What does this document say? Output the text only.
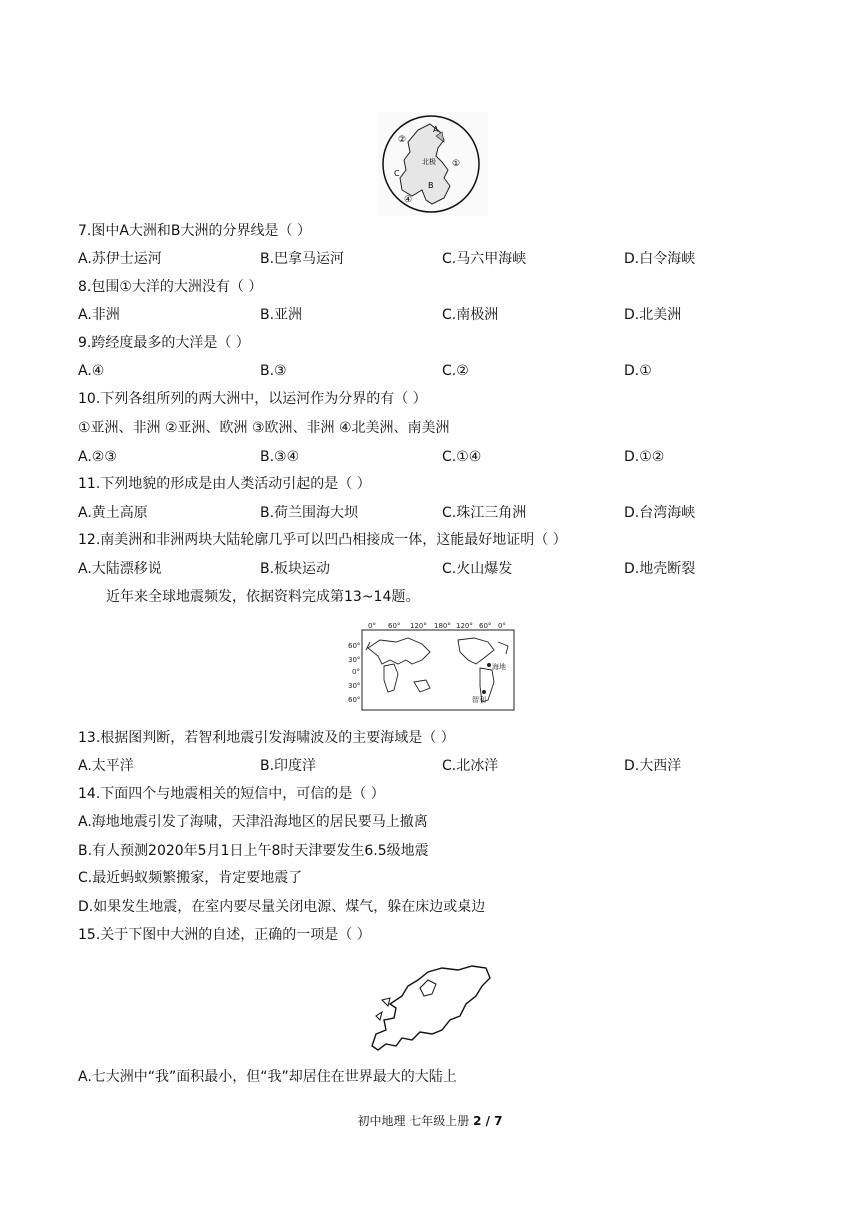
A
B
C
②
①
④
北极
7.图中A大洲和B大洲的分界线是（ ）
A.苏伊士运河	B.巴拿马运河	C.马六甲海峡	D.白令海峡
8.包围①大洋的大洲没有（ ）
A.非洲	B.亚洲	C.南极洲	D.北美洲
9.跨经度最多的大洋是（ ）
A.④	B.③	C.②	D.①
10.下列各组所列的两大洲中，以运河作为分界的有（ ）
①亚洲、非洲 ②亚洲、欧洲 ③欧洲、非洲 ④北美洲、南美洲
A.②③	B.③④	C.①④	D.①②
11.下列地貌的形成是由人类活动引起的是（ ）
A.黄土高原	B.荷兰围海大坝	C.珠江三角洲	D.台湾海峡
12.南美洲和非洲两块大陆轮廓几乎可以凹凸相接成一体，这能最好地证明（ ）
A.大陆漂移说	B.板块运动	C.火山爆发	D.地壳断裂
近年来全球地震频发，依据资料完成第13~14题。
0° 60° 120° 180° 120° 60° 0°
60°
30°
0°
30°
60°
海地
智利
13.根据图判断，若智利地震引发海啸波及的主要海域是（ ）
A.太平洋	B.印度洋	C.北冰洋	D.大西洋
14.下面四个与地震相关的短信中，可信的是（ ）
A.海地地震引发了海啸，天津沿海地区的居民要马上撤离
B.有人预测2020年5月1日上午8时天津要发生6.5级地震
C.最近蚂蚁频繁搬家，肯定要地震了
D.如果发生地震，在室内要尽量关闭电源、煤气，躲在床边或桌边
15.关于下图中大洲的自述，正确的一项是（ ）
A.七大洲中“我”面积最小，但“我”却居住在世界最大的大陆上
初中地理 七年级上册 2 / 7
